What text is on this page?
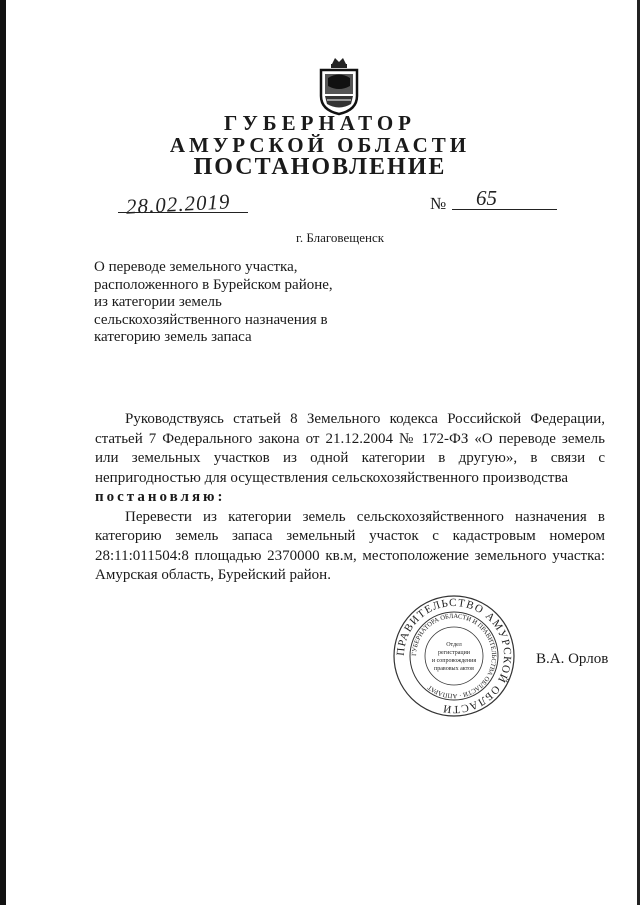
ГУБЕРНАТОР
АМУРСКОЙ ОБЛАСТИ
ПОСТАНОВЛЕНИЕ
28.02.2019	№ 65
г. Благовещенск
О переводе земельного участка, расположенного в Бурейском районе, из категории земель сельскохозяйственного назначения в категорию земель запаса

Руководствуясь статьей 8 Земельного кодекса Российской Федерации, статьей 7 Федерального закона от 21.12.2004 № 172-ФЗ «О переводе земель или земельных участков из одной категории в другую», в связи с непригодностью для осуществления сельскохозяйственного производства

постановляю:

Перевести из категории земель сельскохозяйственного назначения в категорию земель запаса земельный участок с кадастровым номером 28:11:011504:8 площадью 2370000 кв.м, местоположение земельного участка: Амурская область, Бурейский район.

ПРАВИТЕЛЬСТВО АМУРСКОЙ ОБЛАСТИ
ГУБЕРНАТОРА ОБЛАСТИ И ПРАВИТЕЛЬСТВА ОБЛАСТИ · АППАРАТ
Отдел
регистрации
и сопровождения
правовых актов
В.А. Орлов
